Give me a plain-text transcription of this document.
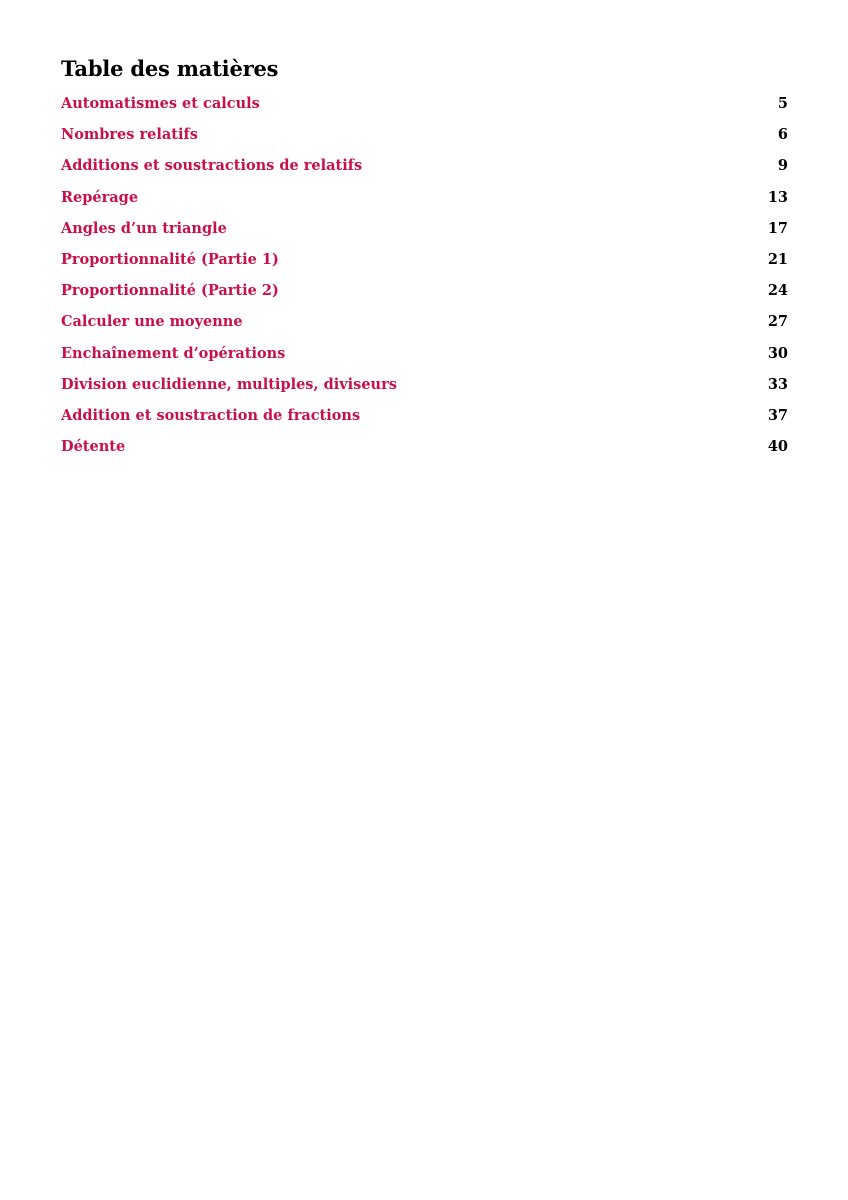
Table des matières
Automatismes et calculs	5
Nombres relatifs	6
Additions et soustractions de relatifs	9
Repérage	13
Angles d’un triangle	17
Proportionnalité (Partie 1)	21
Proportionnalité (Partie 2)	24
Calculer une moyenne	27
Enchaînement d’opérations	30
Division euclidienne, multiples, diviseurs	33
Addition et soustraction de fractions	37
Détente	40
